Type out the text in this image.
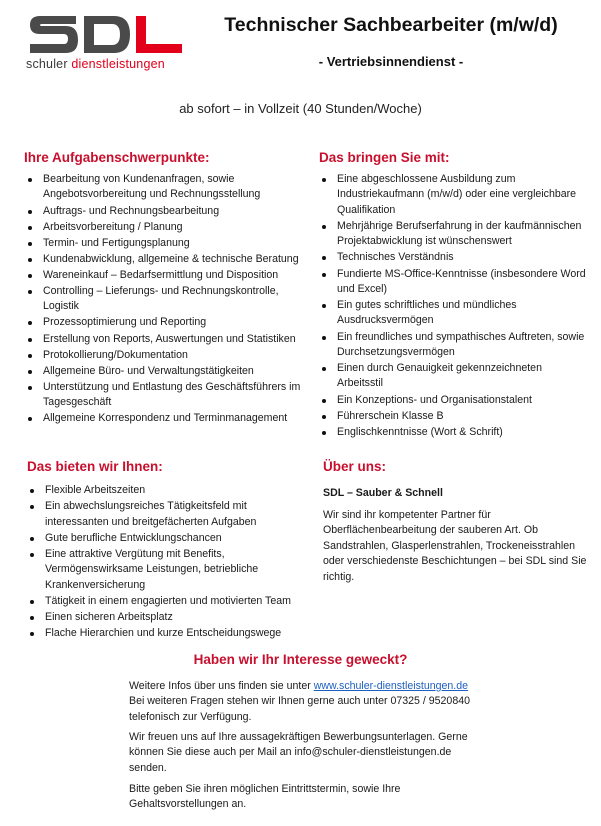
schuler dienstleistungen
Technischer Sachbearbeiter (m/w/d)
- Vertriebsinnendienst -
ab sofort – in Vollzeit (40 Stunden/Woche)
Ihre Aufgabenschwerpunkte:
Bearbeitung von Kundenanfragen, sowie Angebotsvorbereitung und Rechnungsstellung
Auftrags- und Rechnungsbearbeitung
Arbeitsvorbereitung / Planung
Termin- und Fertigungsplanung
Kundenabwicklung, allgemeine & technische Beratung
Wareneinkauf – Bedarfsermittlung und Disposition
Controlling – Lieferungs- und Rechnungskontrolle, Logistik
Prozessoptimierung und Reporting
Erstellung von Reports, Auswertungen und Statistiken
Protokollierung/Dokumentation
Allgemeine Büro- und Verwaltungstätigkeiten
Unterstützung und Entlastung des Geschäftsführers im Tagesgeschäft
Allgemeine Korrespondenz und Terminmanagement
Das bringen Sie mit:
Eine abgeschlossene Ausbildung zum Industriekaufmann (m/w/d) oder eine vergleichbare Qualifikation
Mehrjährige Berufserfahrung in der kaufmännischen Projektabwicklung ist wünschenswert
Technisches Verständnis
Fundierte MS-Office-Kenntnisse (insbesondere Word und Excel)
Ein gutes schriftliches und mündliches Ausdrucksvermögen
Ein freundliches und sympathisches Auftreten, sowie Durchsetzungsvermögen
Einen durch Genauigkeit gekennzeichneten Arbeitsstil
Ein Konzeptions- und Organisationstalent
Führerschein Klasse B
Englischkenntnisse (Wort & Schrift)
Das bieten wir Ihnen:
Flexible Arbeitszeiten
Ein abwechslungsreiches Tätigkeitsfeld mit interessanten und breitgefächerten Aufgaben
Gute berufliche Entwicklungschancen
Eine attraktive Vergütung mit Benefits, Vermögenswirksame Leistungen, betriebliche Krankenversicherung
Tätigkeit in einem engagierten und motivierten Team
Einen sicheren Arbeitsplatz
Flache Hierarchien und kurze Entscheidungswege
Über uns:
SDL – Sauber & Schnell
Wir sind ihr kompetenter Partner für Oberflächenbearbeitung der sauberen Art. Ob Sandstrahlen, Glasperlenstrahlen, Trockeneisstrahlen oder verschiedenste Beschichtungen – bei SDL sind Sie richtig.
Haben wir Ihr Interesse geweckt?

Weitere Infos über uns finden sie unter www.schuler-dienstleistungen.de Bei weiteren Fragen stehen wir Ihnen gerne auch unter 07325 / 9520840 telefonisch zur Verfügung.

Wir freuen uns auf Ihre aussagekräftigen Bewerbungsunterlagen. Gerne können Sie diese auch per Mail an info@schuler-dienstleistungen.de senden.

Bitte geben Sie ihren möglichen Eintrittstermin, sowie Ihre Gehaltsvorstellungen an.
